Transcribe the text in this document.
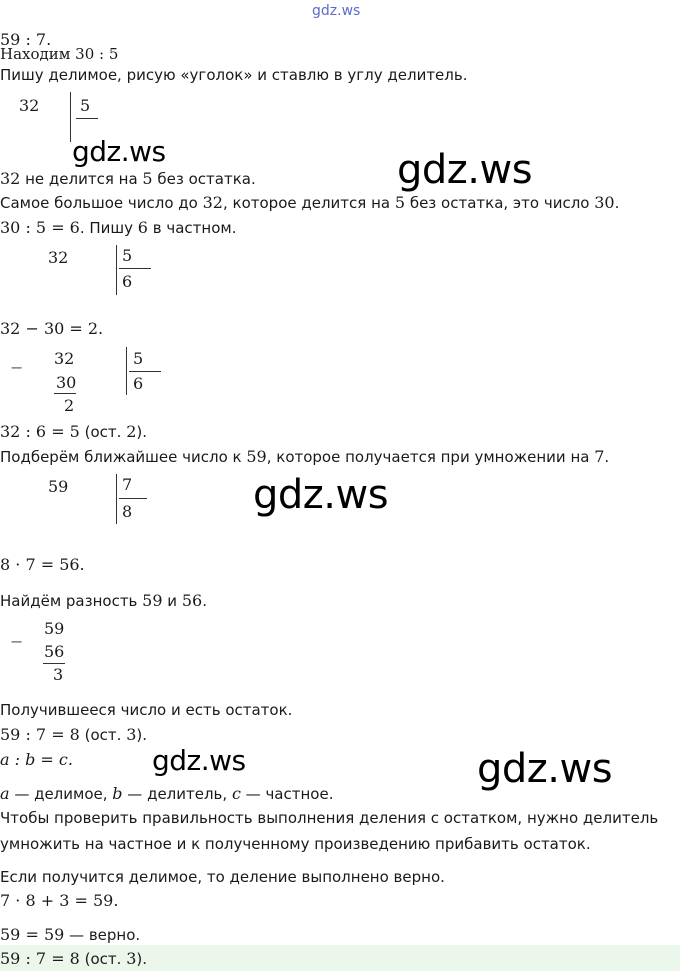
gdz.ws
59 : 7.
Находим 30 : 5
Пишу делимое, рисую «уголок» и ставлю в углу делитель.
32	5
gdz.ws	gdz.ws
32 не делится на 5 без остатка.
Самое большое число до 32, которое делится на 5 без остатка, это число 30.
30 : 5 = 6. Пишу 6 в частном.
32	5
6
32 − 30 = 2.
− 32
30
2
5
6
32 : 6 = 5 (ост. 2).
Подберём ближайшее число к 59, которое получается при умножении на 7.
59	7
8	gdz.ws
8 · 7 = 56.
Найдём разность 59 и 56.
−
59
56
3
Получившееся число и есть остаток.
59 : 7 = 8 (ост. 3).
a : b = c.	gdz.ws	gdz.ws
a — делимое, b — делитель, c — частное.
Чтобы проверить правильность выполнения деления с остатком, нужно делитель
умножить на частное и к полученному произведению прибавить остаток.
Если получится делимое, то деление выполнено верно.
7 · 8 + 3 = 59.
59 = 59 — верно.
59 : 7 = 8 (ост. 3).
